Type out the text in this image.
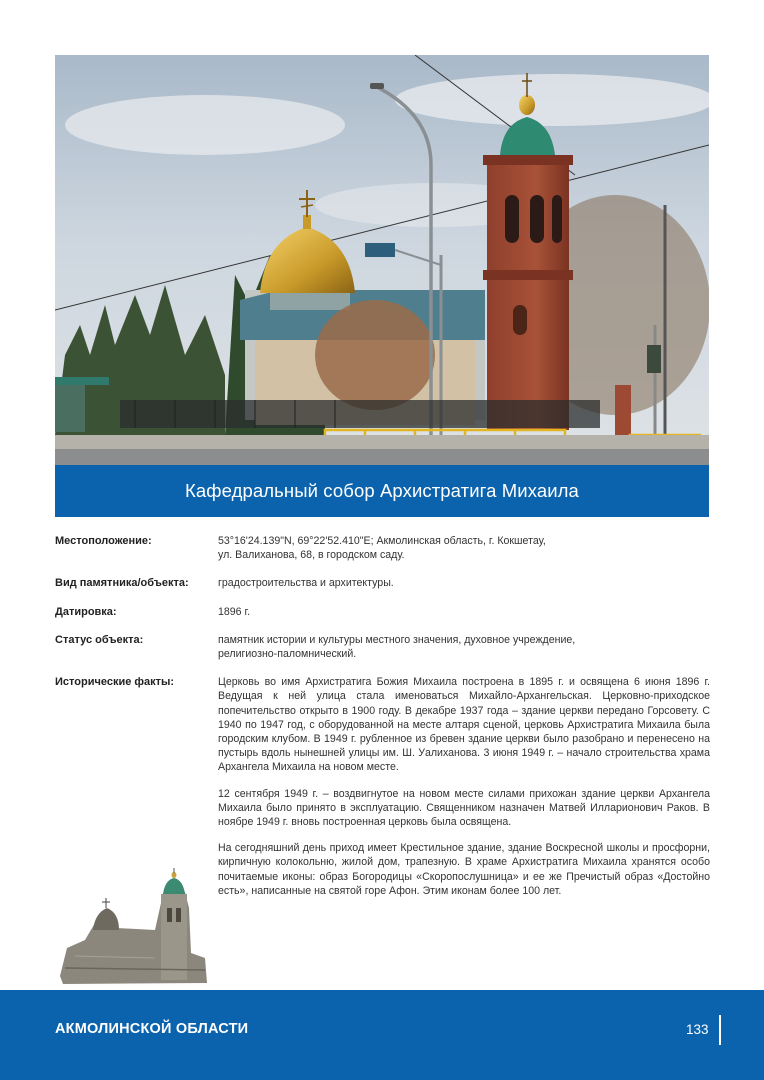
Кафедральный собор Архистратига Михаила
Местоположение:	53°16'24.139"N, 69°22'52.410"E; Акмолинская область, г. Кокшетау,
ул. Валиханова, 68, в городском саду.
Вид памятника/объекта:	градостроительства и архитектуры.
Датировка:	1896 г.
Статус объекта:	памятник истории и культуры местного значения, духовное учреждение,
религиозно-паломнический.
Исторические факты:	Церковь во имя Архистратига Божия Михаила построена в 1895 г. и освящена 6 июня 1896 г. Ведущая к ней улица стала именоваться Михайло-Архангельская. Церковно-приходское попечительство открыто в 1900 году. В декабре 1937 года – здание церкви передано Горсовету. С 1940 по 1947 год, с оборудованной на месте алтаря сценой, церковь Архистратига Михаила была городским клубом. В 1949 г. рубленное из бревен здание церкви было разобрано и перенесено на пустырь вдоль нынешней улицы им. Ш. Уалиханова. 3 июня 1949 г. – начало строительства храма Архангела Михаила на новом месте.

12 сентября 1949 г. – воздвигнутое на новом месте силами прихожан здание церкви Архангела Михаила было принято в эксплуатацию. Священником назначен Матвей Илларионович Раков. В ноябре 1949 г. вновь построенная церковь была освящена.

На сегодняшний день приход имеет Крестильное здание, здание Воскресной школы и просфорни, кирпичную колокольню, жилой дом, трапезную. В храме Архистратига Михаила хранятся особо почитаемые иконы: образ Богородицы «Скоропослушница» и ее же Пречистый образ «Достойно есть», написанные на святой горе Афон. Этим иконам более 100 лет.

АКМОЛИНСКОЙ ОБЛАСТИ	133
